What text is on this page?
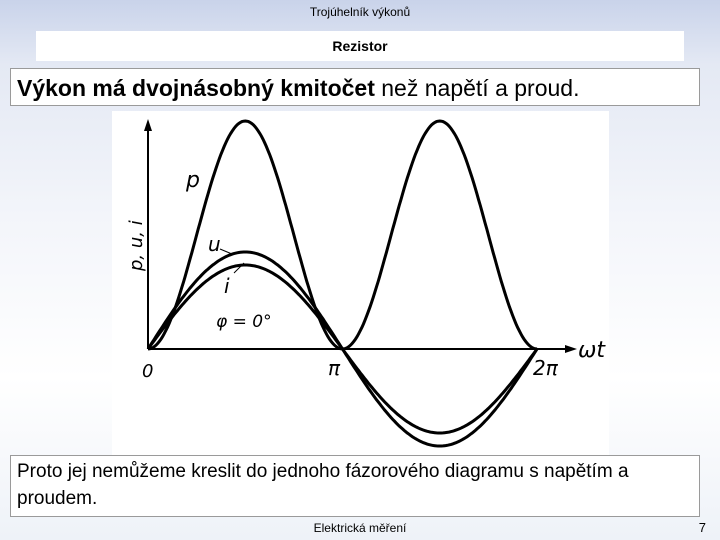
Trojúhelník výkonů
Rezistor
Výkon má dvojnásobný kmitočet než napětí a proud.
p, u, i
ωt
0	π	2π
p
u
i
φ = 0°
Proto jej nemůžeme kreslit do jednoho fázorového diagramu s napětím a proudem.
Elektrická měření	7
